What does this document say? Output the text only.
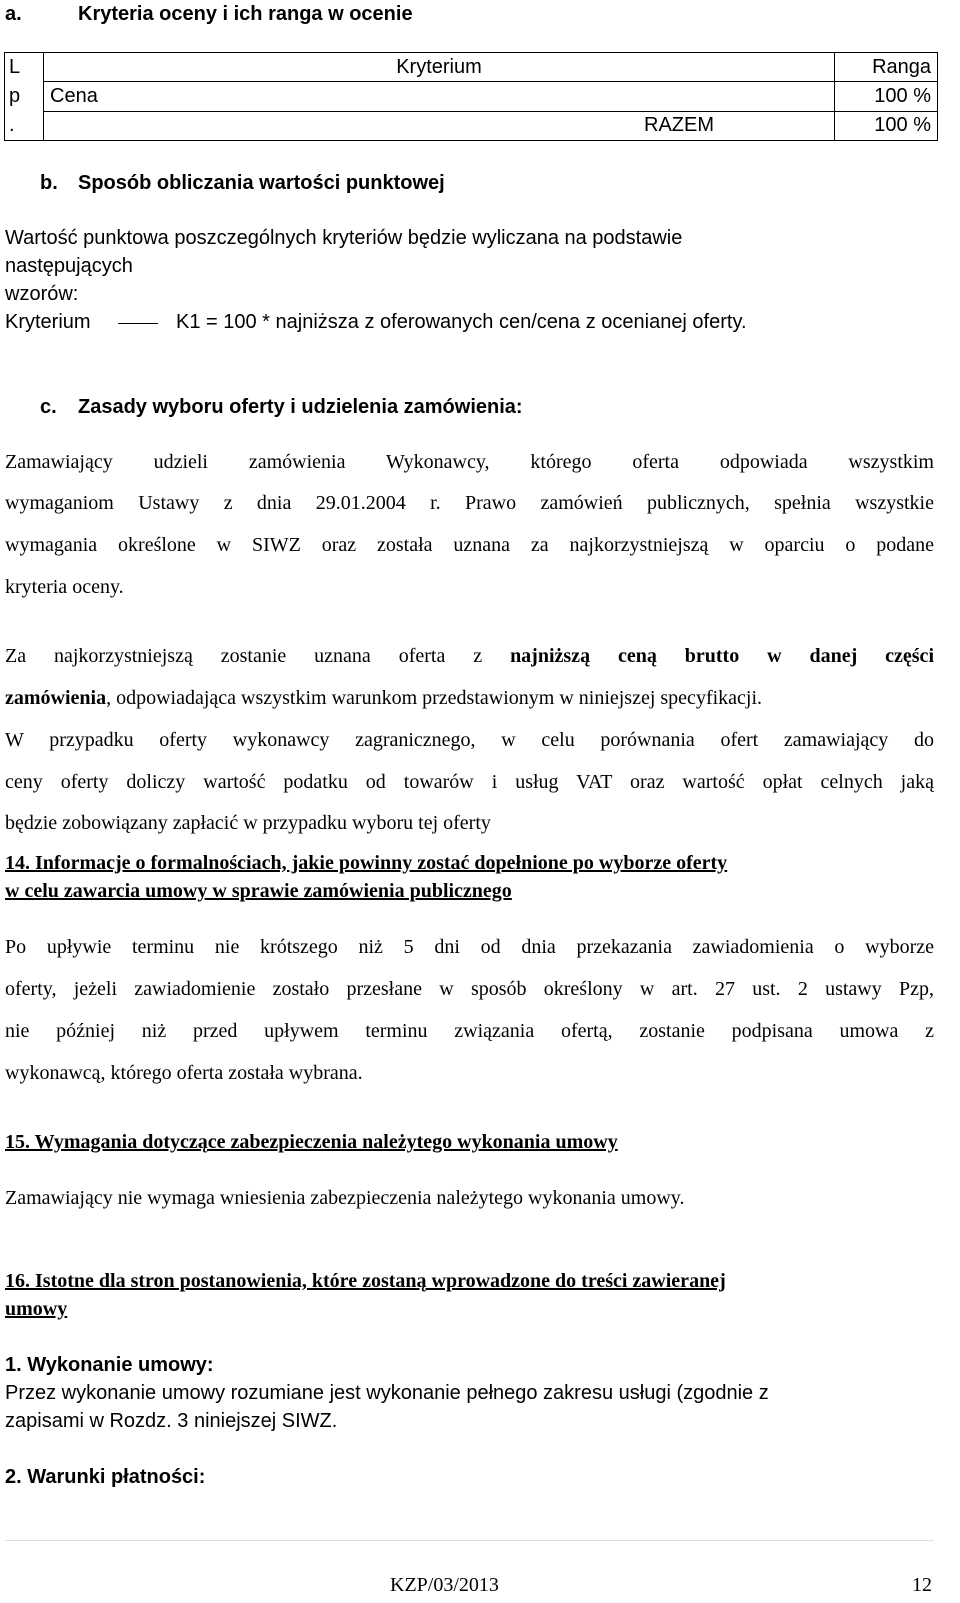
a.	Kryteria oceny i ich ranga w ocenie
L
p
.	Kryterium	Ranga
	Cena	100 %
	RAZEM	100 %
b. Sposób obliczania wartości punktowej
Wartość punktowa poszczególnych kryteriów będzie wyliczana na podstawie
następujących
wzorów:
Kryterium	K1 = 100 * najniższa z oferowanych cen/cena z ocenianej oferty.
c. Zasady wyboru oferty i udzielenia zamówienia:
Zamawiający udzieli zamówienia Wykonawcy, którego oferta odpowiada wszystkim
wymaganiom Ustawy z dnia 29.01.2004 r. Prawo zamówień publicznych, spełnia wszystkie
wymagania określone w SIWZ oraz została uznana za najkorzystniejszą w oparciu o podane
kryteria oceny.
Za najkorzystniejszą zostanie uznana oferta z najniższą ceną brutto w danej części
zamówienia, odpowiadająca wszystkim warunkom przedstawionym w niniejszej specyfikacji.
W przypadku oferty wykonawcy zagranicznego, w celu porównania ofert zamawiający do
ceny oferty doliczy wartość podatku od towarów i usług VAT oraz wartość opłat celnych jaką
będzie zobowiązany zapłacić w przypadku wyboru tej oferty
14. Informacje o formalnościach, jakie powinny zostać dopełnione po wyborze oferty
w celu zawarcia umowy w sprawie zamówienia publicznego
Po upływie terminu nie krótszego niż 5 dni od dnia przekazania zawiadomienia o wyborze
oferty, jeżeli zawiadomienie zostało przesłane w sposób określony w art. 27 ust. 2 ustawy Pzp,
nie później niż przed upływem terminu związania ofertą, zostanie podpisana umowa z
wykonawcą, którego oferta została wybrana.
15. Wymagania dotyczące zabezpieczenia należytego wykonania umowy
Zamawiający nie wymaga wniesienia zabezpieczenia należytego wykonania umowy.
16. Istotne dla stron postanowienia, które zostaną wprowadzone do treści zawieranej
umowy
1. Wykonanie umowy:
Przez wykonanie umowy rozumiane jest wykonanie pełnego zakresu usługi (zgodnie z
zapisami w Rozdz. 3 niniejszej SIWZ.
2. Warunki płatności:
KZP/03/2013	12
